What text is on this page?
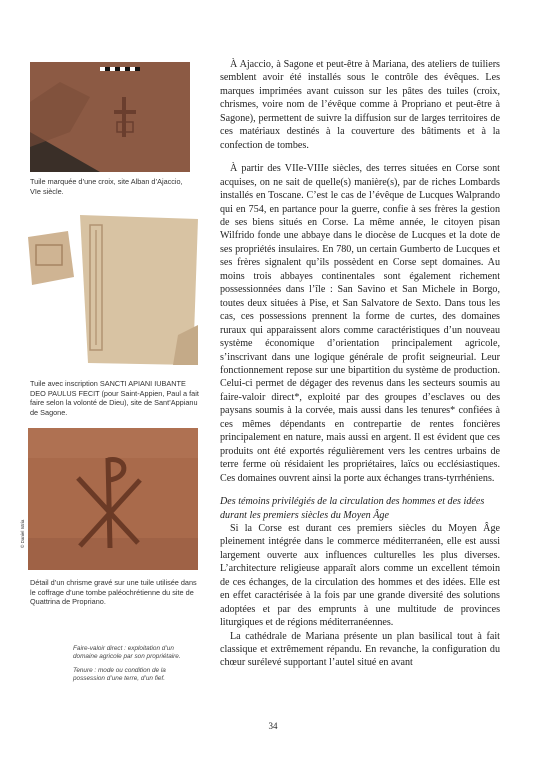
Tuile marquée d’une croix, site Alban d’Ajaccio, VIe siècle.
Tuile avec inscription SANCTI APIANI IUBANTE DEO PAULUS FECIT (pour Saint-Appien, Paul a fait faire selon la volonté de Dieu), site de Sant’Appianu de Sagone.
© Daniel Istria
Détail d’un chrisme gravé sur une tuile utilisée dans le coffrage d’une tombe paléochrétienne du site de Quattrina de Propriano.

Faire-valoir direct : exploitation d’un domaine agricole par son propriétaire.

Tenure : mode ou condition de la possession d’une terre, d’un fief.

À Ajaccio, à Sagone et peut-être à Mariana, des ateliers de tuiliers semblent avoir été installés sous le contrôle des évêques. Les marques imprimées avant cuisson sur les pâtes des tuiles (croix, chrismes, voire nom de l’évêque comme à Propriano et peut-être à Sagone), permettent de suivre la diffusion sur de larges territoires de ces matériaux destinés à la couverture des bâtiments et à la confection de tombes.

À partir des VIIe-VIIIe siècles, des terres situées en Corse sont acquises, on ne sait de quelle(s) manière(s), par de riches Lombards installés en Toscane. C’est le cas de l’évêque de Lucques Walprando qui en 754, en partance pour la guerre, confie à ses frères la gestion de ses biens situés en Corse. La même année, le citoyen pisan Wilfrido fonde une abbaye dans le diocèse de Lucques et la dote de ses propriétés insulaires. En 780, un certain Gumberto de Lucques et ses frères signalent qu’ils possèdent en Corse sept domaines. Au moins trois abbayes continentales sont également richement possessionnées dans l’île : San Savino et San Michele in Borgo, toutes deux situées à Pise, et San Salvatore de Sexto. Dans tous les cas, ces possessions prennent la forme de curtes, des domaines ruraux qui apparaissent alors comme caractéristiques d’un nouveau système économique d’orientation principalement agricole, s’inscrivant dans une logique générale de profit seigneurial. Leur fonctionnement repose sur une bipartition du système de production. Celui-ci permet de dégager des revenus dans les secteurs soumis au faire-valoir direct*, exploité par des groupes d’esclaves ou des paysans soumis à la corvée, mais aussi dans les tenures* confiées à ces mêmes dépendants en contrepartie de rentes foncières principalement en nature, mais aussi en argent. Il est évident que ces produits ont été exportés régulièrement vers les centres urbains de terre ferme où résidaient les propriétaires, laïcs ou ecclésiastiques. Ces domaines ouvrent ainsi la porte aux échanges trans-tyrrhéniens.

Des témoins privilégiés de la circulation des hommes et des idées durant les premiers siècles du Moyen Âge

Si la Corse est durant ces premiers siècles du Moyen Âge pleinement intégrée dans le commerce méditerranéen, elle est aussi largement ouverte aux influences culturelles les plus diverses. L’architecture religieuse apparaît alors comme un excellent témoin de ces échanges, de la circulation des hommes et des idées. Elle est en effet caractérisée à la fois par une grande diversité des solutions adoptées et par des emprunts à une multitude de provinces liturgiques et de régions méditerranéennes.

La cathédrale de Mariana présente un plan basilical tout à fait classique et extrêmement répandu. En revanche, la configuration du chœur surélevé supportant l’autel situé en avant

34
